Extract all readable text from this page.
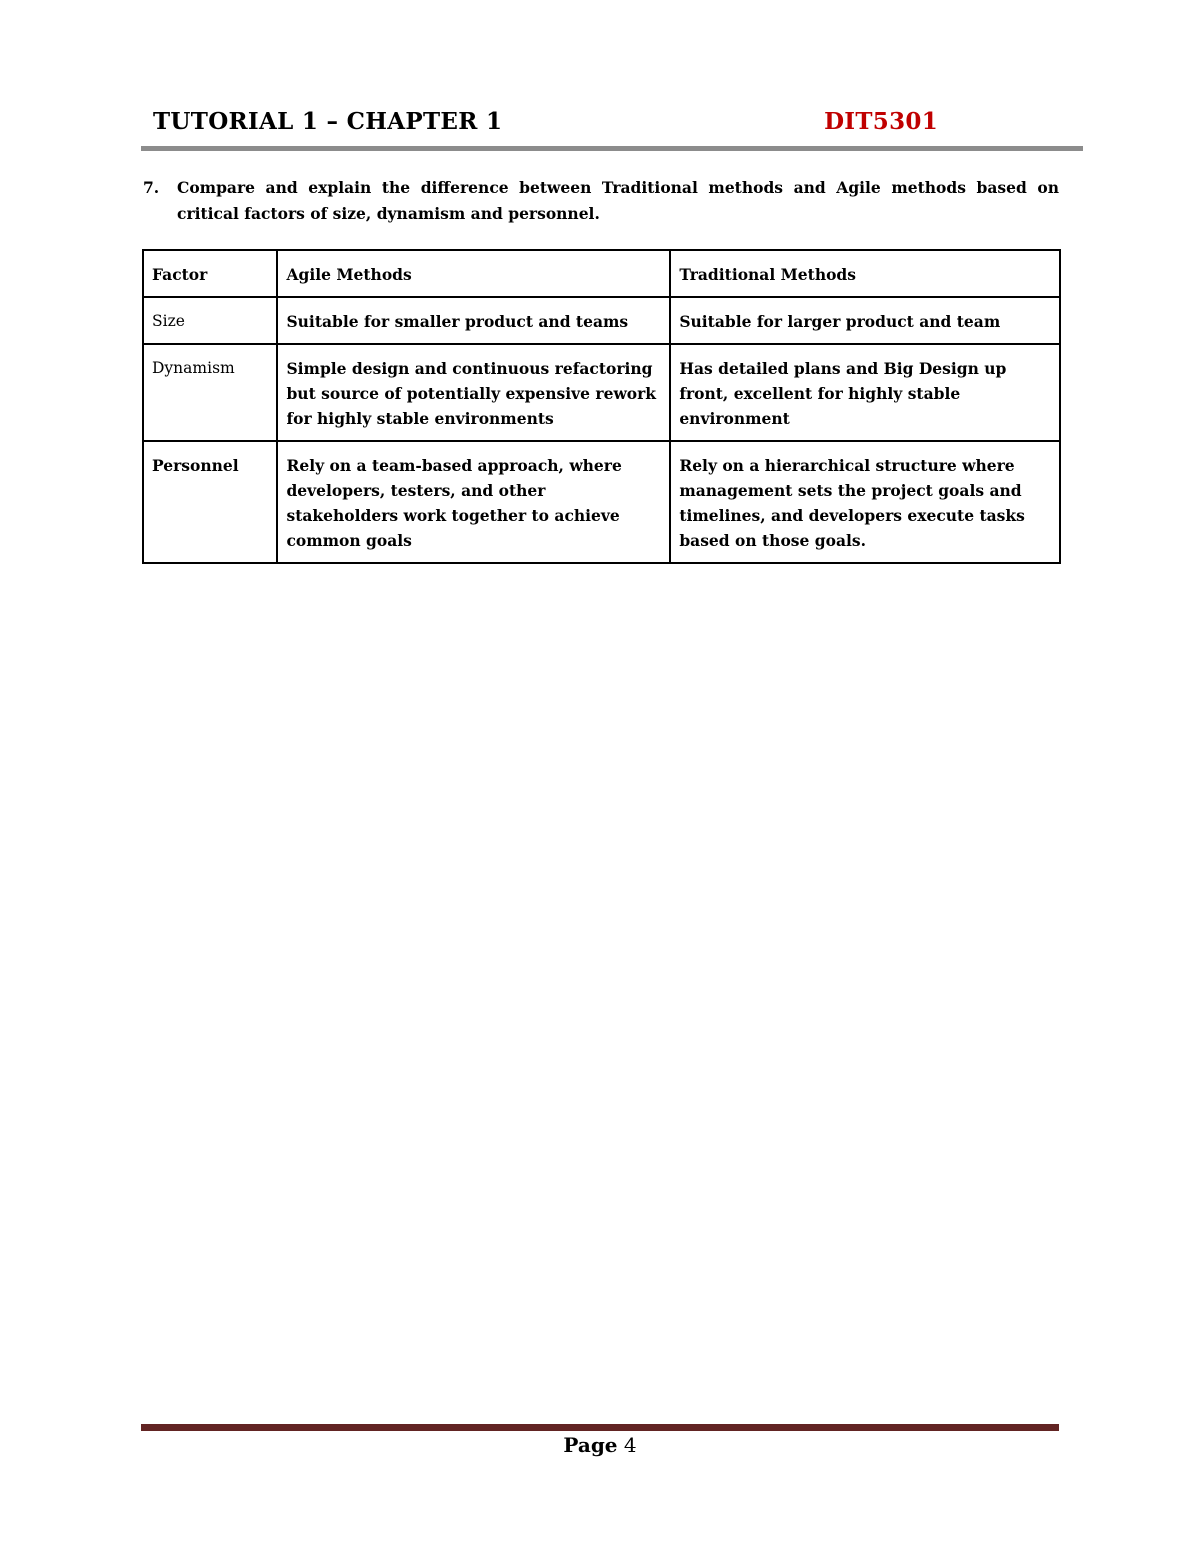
TUTORIAL 1 – CHAPTER 1	DIT5301
7. Compare and explain the difference between Traditional methods and Agile methods based on critical factors of size, dynamism and personnel.
Factor	Agile Methods	Traditional Methods
Size	Suitable for smaller product and teams	Suitable for larger product and team
Dynamism	Simple design and continuous refactoring but source of potentially expensive rework for highly stable environments	Has detailed plans and Big Design up front, excellent for highly stable environment
Personnel	Rely on a team-based approach, where developers, testers, and other stakeholders work together to achieve common goals	Rely on a hierarchical structure where management sets the project goals and timelines, and developers execute tasks based on those goals.
Page 4
